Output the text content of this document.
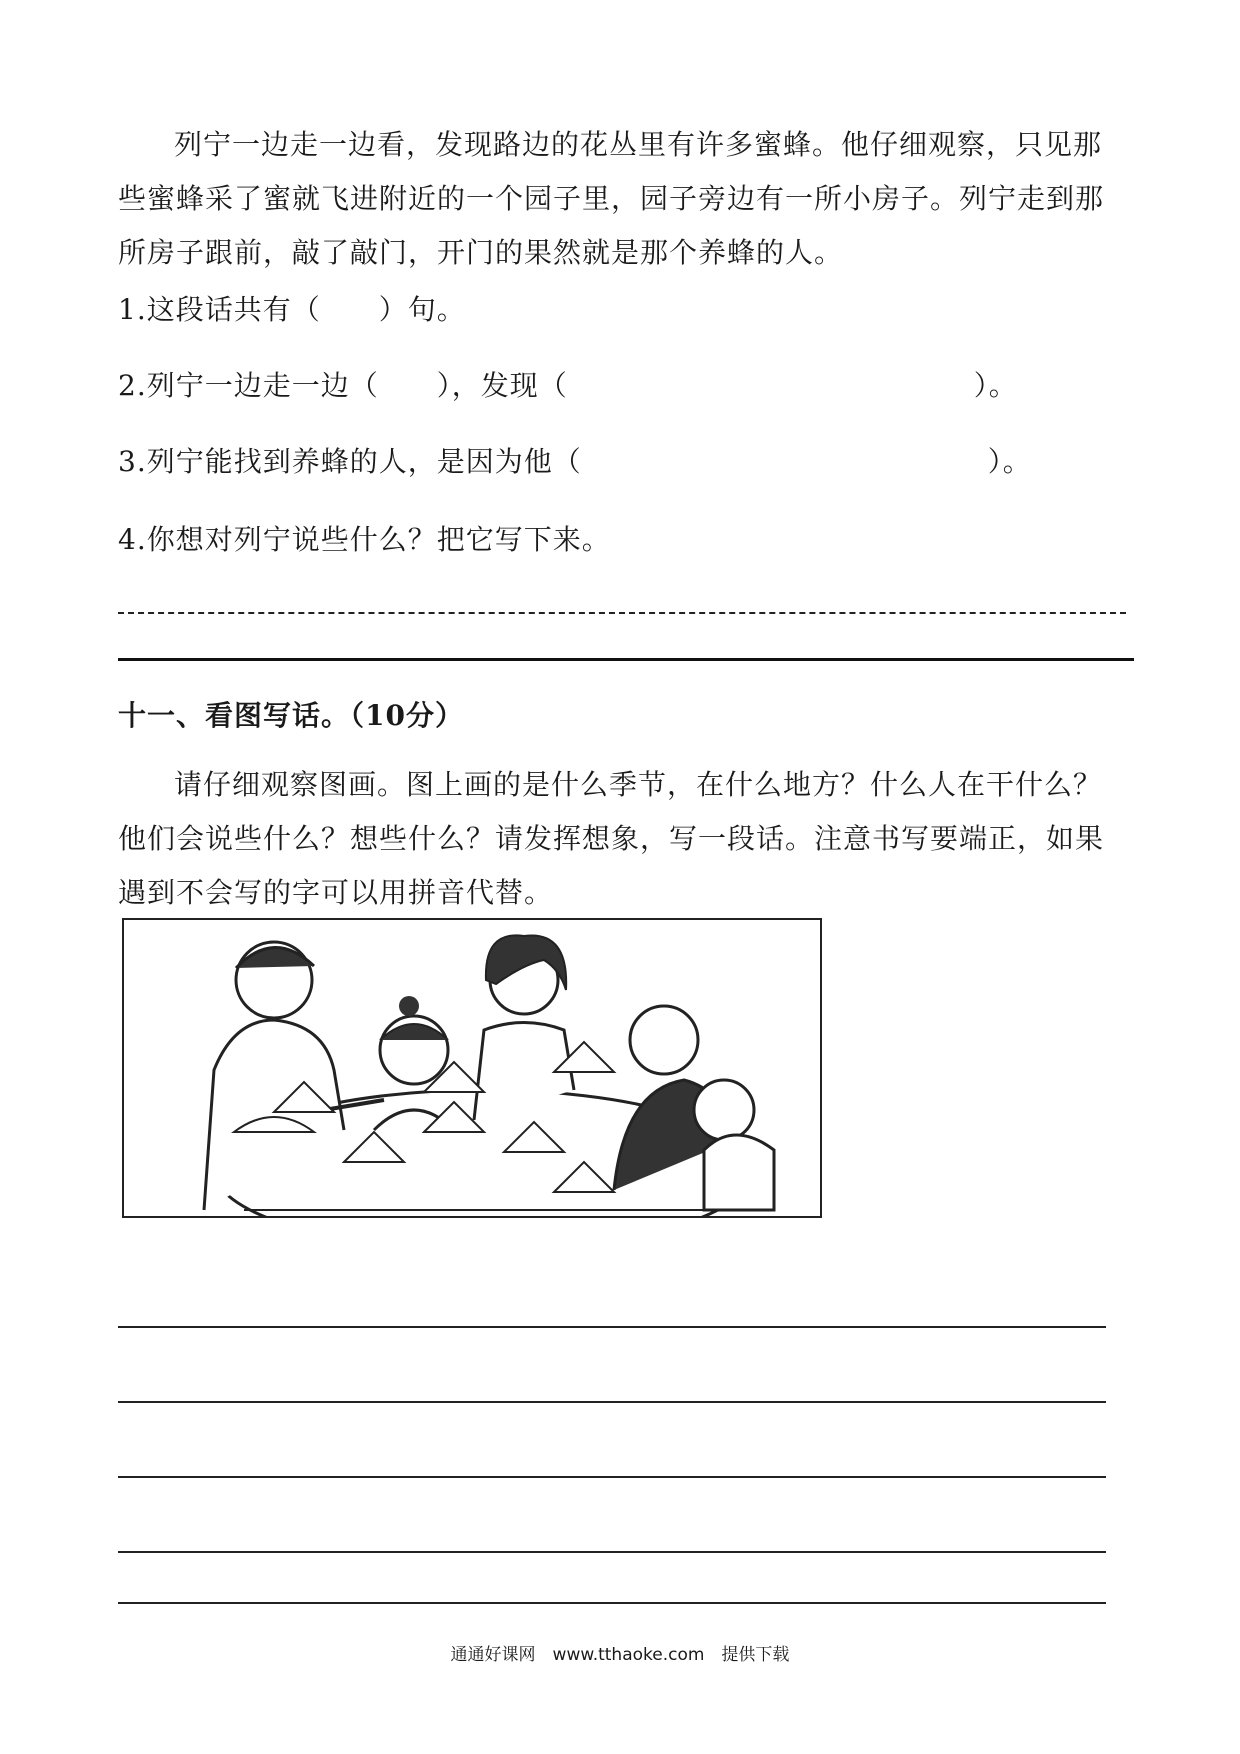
列宁一边走一边看，发现路边的花丛里有许多蜜蜂。他仔细观察，只见那些蜜蜂采了蜜就飞进附近的一个园子里，园子旁边有一所小房子。列宁走到那所房子跟前，敲了敲门，开门的果然就是那个养蜂的人。

1.这段话共有（　　）句。

2.列宁一边走一边（　　），发现（　　　　　　　　　　　　　　）。

3.列宁能找到养蜂的人，是因为他（　　　　　　　　　　　　　　）。

4.你想对列宁说些什么？把它写下来。

十一、看图写话。（10分）

请仔细观察图画。图上画的是什么季节，在什么地方？什么人在干什么？他们会说些什么？想些什么？请发挥想象，写一段话。注意书写要端正，如果遇到不会写的字可以用拼音代替。

通通好课网　www.tthaoke.com　提供下载
